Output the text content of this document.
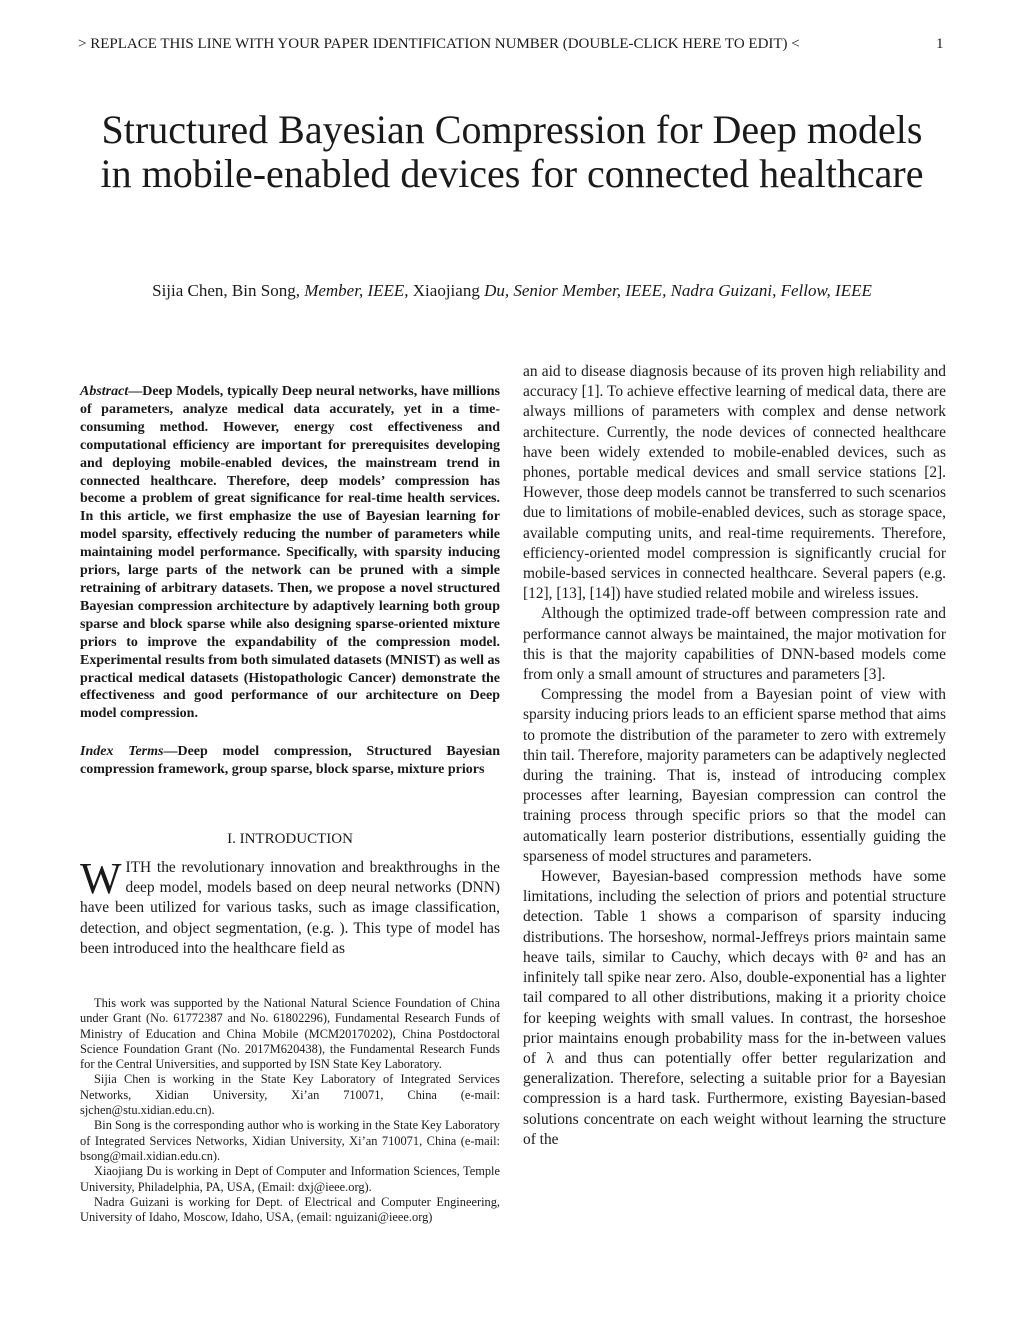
> REPLACE THIS LINE WITH YOUR PAPER IDENTIFICATION NUMBER (DOUBLE-CLICK HERE TO EDIT) <	1
Structured Bayesian Compression for Deep models in mobile-enabled devices for connected healthcare
Sijia Chen, Bin Song, Member, IEEE, Xiaojiang Du, Senior Member, IEEE, Nadra Guizani, Fellow, IEEE

Abstract—Deep Models, typically Deep neural networks, have millions of parameters, analyze medical data accurately, yet in a time-consuming method. However, energy cost effectiveness and computational efficiency are important for prerequisites developing and deploying mobile-enabled devices, the mainstream trend in connected healthcare. Therefore, deep models’ compression has become a problem of great significance for real-time health services. In this article, we first emphasize the use of Bayesian learning for model sparsity, effectively reducing the number of parameters while maintaining model performance. Specifically, with sparsity inducing priors, large parts of the network can be pruned with a simple retraining of arbitrary datasets. Then, we propose a novel structured Bayesian compression architecture by adaptively learning both group sparse and block sparse while also designing sparse-oriented mixture priors to improve the expandability of the compression model. Experimental results from both simulated datasets (MNIST) as well as practical medical datasets (Histopathologic Cancer) demonstrate the effectiveness and good performance of our architecture on Deep model compression.

Index Terms—Deep model compression, Structured Bayesian compression framework, group sparse, block sparse, mixture priors

I. INTRODUCTION

WITH the revolutionary innovation and breakthroughs in the deep model, models based on deep neural networks (DNN) have been utilized for various tasks, such as image classification, detection, and object segmentation, (e.g. ). This type of model has been introduced into the healthcare field as

This work was supported by the National Natural Science Foundation of China under Grant (No. 61772387 and No. 61802296), Fundamental Research Funds of Ministry of Education and China Mobile (MCM20170202), China Postdoctoral Science Foundation Grant (No. 2017M620438), the Fundamental Research Funds for the Central Universities, and supported by ISN State Key Laboratory.

Sijia Chen is working in the State Key Laboratory of Integrated Services Networks, Xidian University, Xi’an 710071, China (e-mail: sjchen@stu.xidian.edu.cn).

Bin Song is the corresponding author who is working in the State Key Laboratory of Integrated Services Networks, Xidian University, Xi’an 710071, China (e-mail: bsong@mail.xidian.edu.cn).

Xiaojiang Du is working in Dept of Computer and Information Sciences, Temple University, Philadelphia, PA, USA, (Email: dxj@ieee.org).

Nadra Guizani is working for Dept. of Electrical and Computer Engineering, University of Idaho, Moscow, Idaho, USA, (email: nguizani@ieee.org)

an aid to disease diagnosis because of its proven high reliability and accuracy [1]. To achieve effective learning of medical data, there are always millions of parameters with complex and dense network architecture. Currently, the node devices of connected healthcare have been widely extended to mobile-enabled devices, such as phones, portable medical devices and small service stations [2]. However, those deep models cannot be transferred to such scenarios due to limitations of mobile-enabled devices, such as storage space, available computing units, and real-time requirements. Therefore, efficiency-oriented model compression is significantly crucial for mobile-based services in connected healthcare. Several papers (e.g. [12], [13], [14]) have studied related mobile and wireless issues.

Although the optimized trade-off between compression rate and performance cannot always be maintained, the major motivation for this is that the majority capabilities of DNN-based models come from only a small amount of structures and parameters [3].

Compressing the model from a Bayesian point of view with sparsity inducing priors leads to an efficient sparse method that aims to promote the distribution of the parameter to zero with extremely thin tail. Therefore, majority parameters can be adaptively neglected during the training. That is, instead of introducing complex processes after learning, Bayesian compression can control the training process through specific priors so that the model can automatically learn posterior distributions, essentially guiding the sparseness of model structures and parameters.

However, Bayesian-based compression methods have some limitations, including the selection of priors and potential structure detection. Table 1 shows a comparison of sparsity inducing distributions. The horseshow, normal-Jeffreys priors maintain same heave tails, similar to Cauchy, which decays with θ² and has an infinitely tall spike near zero. Also, double-exponential has a lighter tail compared to all other distributions, making it a priority choice for keeping weights with small values. In contrast, the horseshoe prior maintains enough probability mass for the in-between values of λ and thus can potentially offer better regularization and generalization. Therefore, selecting a suitable prior for a Bayesian compression is a hard task. Furthermore, existing Bayesian-based solutions concentrate on each weight without learning the structure of the
